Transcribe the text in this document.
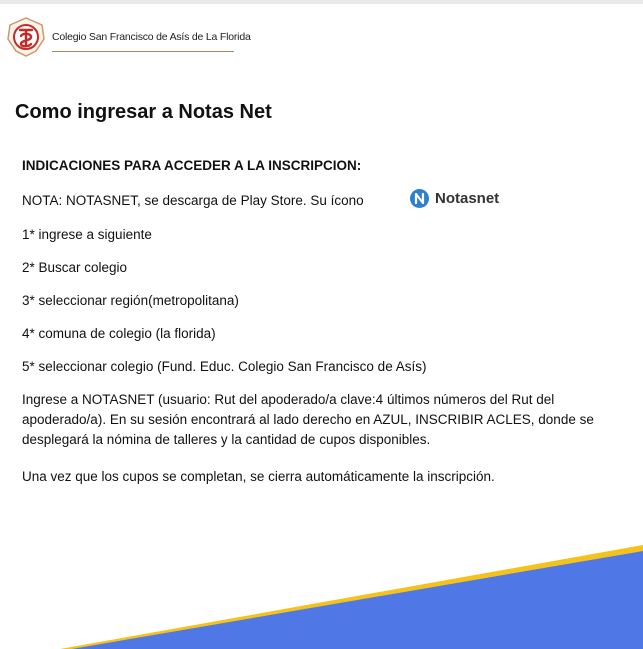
Colegio San Francisco de Asís de La Florida
Como ingresar a Notas Net
INDICACIONES PARA ACCEDER A LA INSCRIPCION:
NOTA: NOTASNET, se descarga de Play Store. Su ícono	Notasnet
1* ingrese a siguiente
2* Buscar colegio
3* seleccionar región(metropolitana)
4* comuna de colegio (la florida)
5* seleccionar colegio (Fund. Educ. Colegio San Francisco de Asís)
Ingrese a NOTASNET (usuario: Rut del apoderado/a clave:4 últimos números del Rut del apoderado/a). En su sesión encontrará al lado derecho en AZUL, INSCRIBIR ACLES, donde se desplegará la nómina de talleres y la cantidad de cupos disponibles.
Una vez que los cupos se completan, se cierra automáticamente la inscripción.
